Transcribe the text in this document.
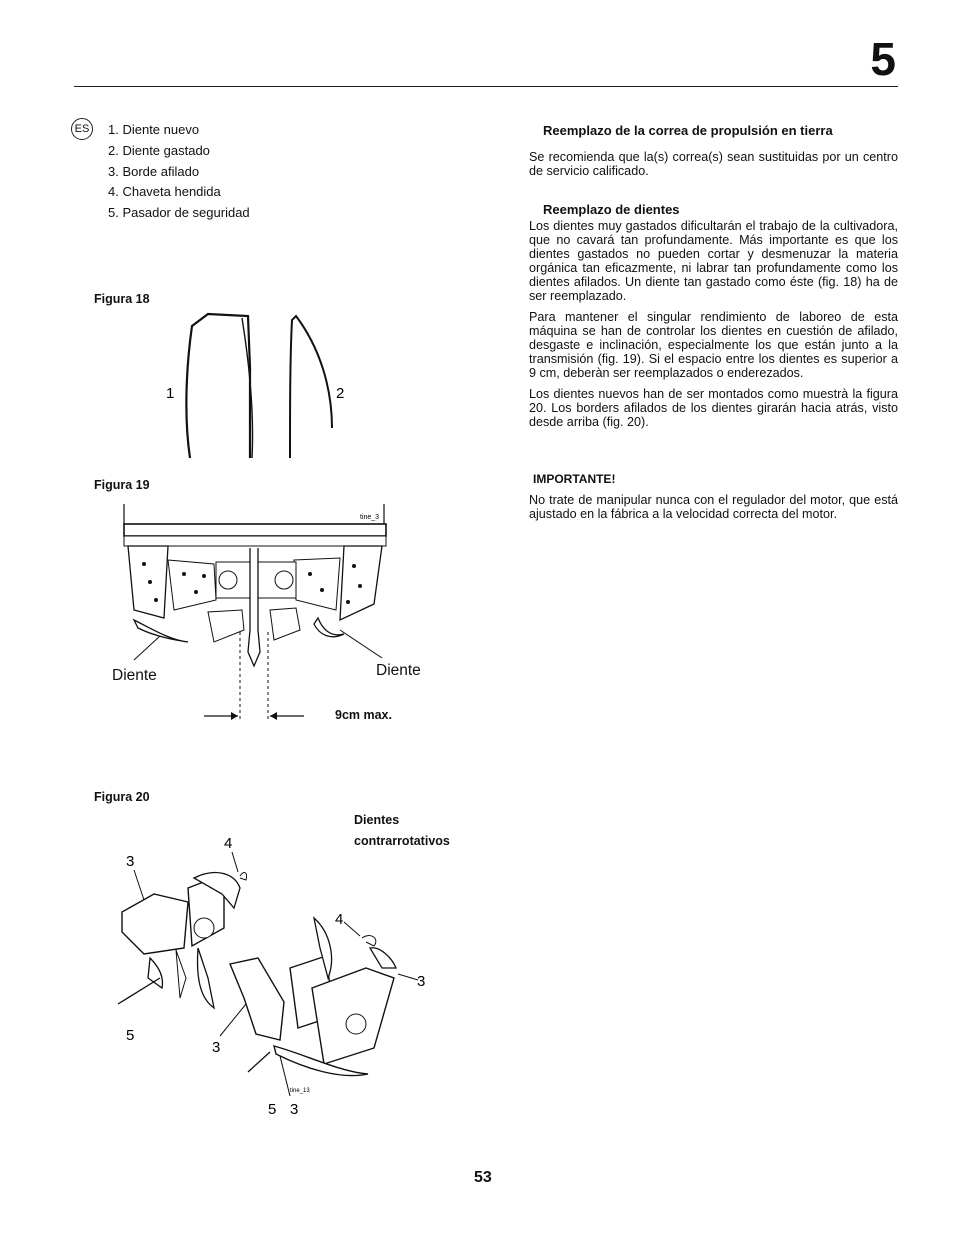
5
ES 1. Diente nuevo
2. Diente gastado
3. Borde afilado
4. Chaveta hendida
5. Pasador de seguridad
Figura 18
1	2
Figura 19
tine_3
Diente	Diente
9cm max.
Figura 20
Dientes
contrarrotativos
tine_13
3
4
5
4
3
3
5 3

Reemplazo de la correa de propulsión en tierra

Se recomienda que la(s) correa(s) sean sustituidas por un centro de servicio calificado.

Reemplazo de dientes

Los dientes muy gastados dificultarán el trabajo de la cultivadora, que no cavará tan profundamente. Más importante es que los dientes gastados no pueden cortar y desmenuzar la materia orgánica tan eficazmente, ni labrar tan profundamente como los dientes afilados. Un diente tan gastado como éste (fig. 18) ha de ser reemplazado.

Para mantener el singular rendimiento de laboreo de esta máquina se han de controlar los dientes en cuestión de afilado, desgaste e inclinación, especialmente los que están junto a la transmisión (fig. 19). Si el espacio entre los dientes es superior a 9 cm, deberàn ser reemplazados o enderezados.

Los dientes nuevos han de ser montados como muestrà la figura 20. Los borders afilados de los dientes girarán hacia atrás, visto desde arriba (fig. 20).

IMPORTANTE!

No trate de manipular nunca con el regulador del motor, que está ajustado en la fábrica a la velocidad correcta del motor.

53
